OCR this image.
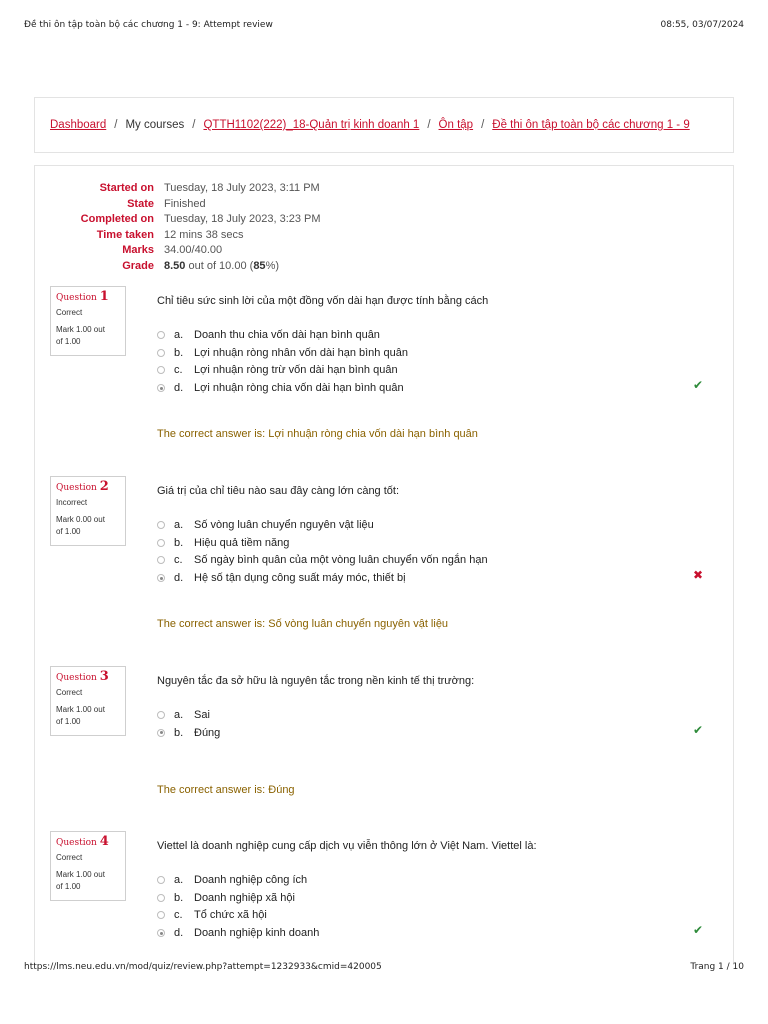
Đề thi ôn tập toàn bộ các chương 1 - 9: Attempt review	08:55, 03/07/2024
Dashboard / My courses / QTTH1102(222)_18-Quản trị kinh doanh 1 / Ôn tập / Đề thi ôn tập toàn bộ các chương 1 - 9
Started on Tuesday, 18 July 2023, 3:11 PM
State Finished
Completed on Tuesday, 18 July 2023, 3:23 PM
Time taken 12 mins 38 secs
Marks 34.00/40.00
Grade 8.50 out of 10.00 (85%)
Question 1
Correct
Mark 1.00 out
of 1.00
Chỉ tiêu sức sinh lời của một đồng vốn dài hạn được tính bằng cách
✔
a. Doanh thu chia vốn dài hạn bình quân
b. Lợi nhuận ròng nhân vốn dài hạn bình quân
c.	Lợi nhuận ròng trừ vốn dài hạn bình quân
d. Lợi nhuận ròng chia vốn dài hạn bình quân
The correct answer is: Lợi nhuận ròng chia vốn dài hạn bình quân
Question 2
Incorrect
Mark 0.00 out
of 1.00
Giá trị của chỉ tiêu nào sau đây càng lớn càng tốt:
✖
a. Số vòng luân chuyển nguyên vật liệu
b. Hiệu quả tiềm năng
c.	Số ngày bình quân của một vòng luân chuyển vốn ngắn hạn
d. Hệ số tận dụng công suất máy móc, thiết bị
The correct answer is: Số vòng luân chuyển nguyên vật liệu
Question 3
Correct
Mark 1.00 out
of 1.00
Nguyên tắc đa sở hữu là nguyên tắc trong nền kinh tế thị trường:
✔
a. Sai
b. Đúng
The correct answer is: Đúng
Question 4
Correct
Mark 1.00 out
of 1.00
Viettel là doanh nghiệp cung cấp dịch vụ viễn thông lớn ở Việt Nam. Viettel là:
✔
a. Doanh nghiệp công ích
b. Doanh nghiệp xã hội
c.	Tổ chức xã hội
d. Doanh nghiệp kinh doanh
https://lms.neu.edu.vn/mod/quiz/review.php?attempt=1232933&cmid=420005	Trang 1 / 10
